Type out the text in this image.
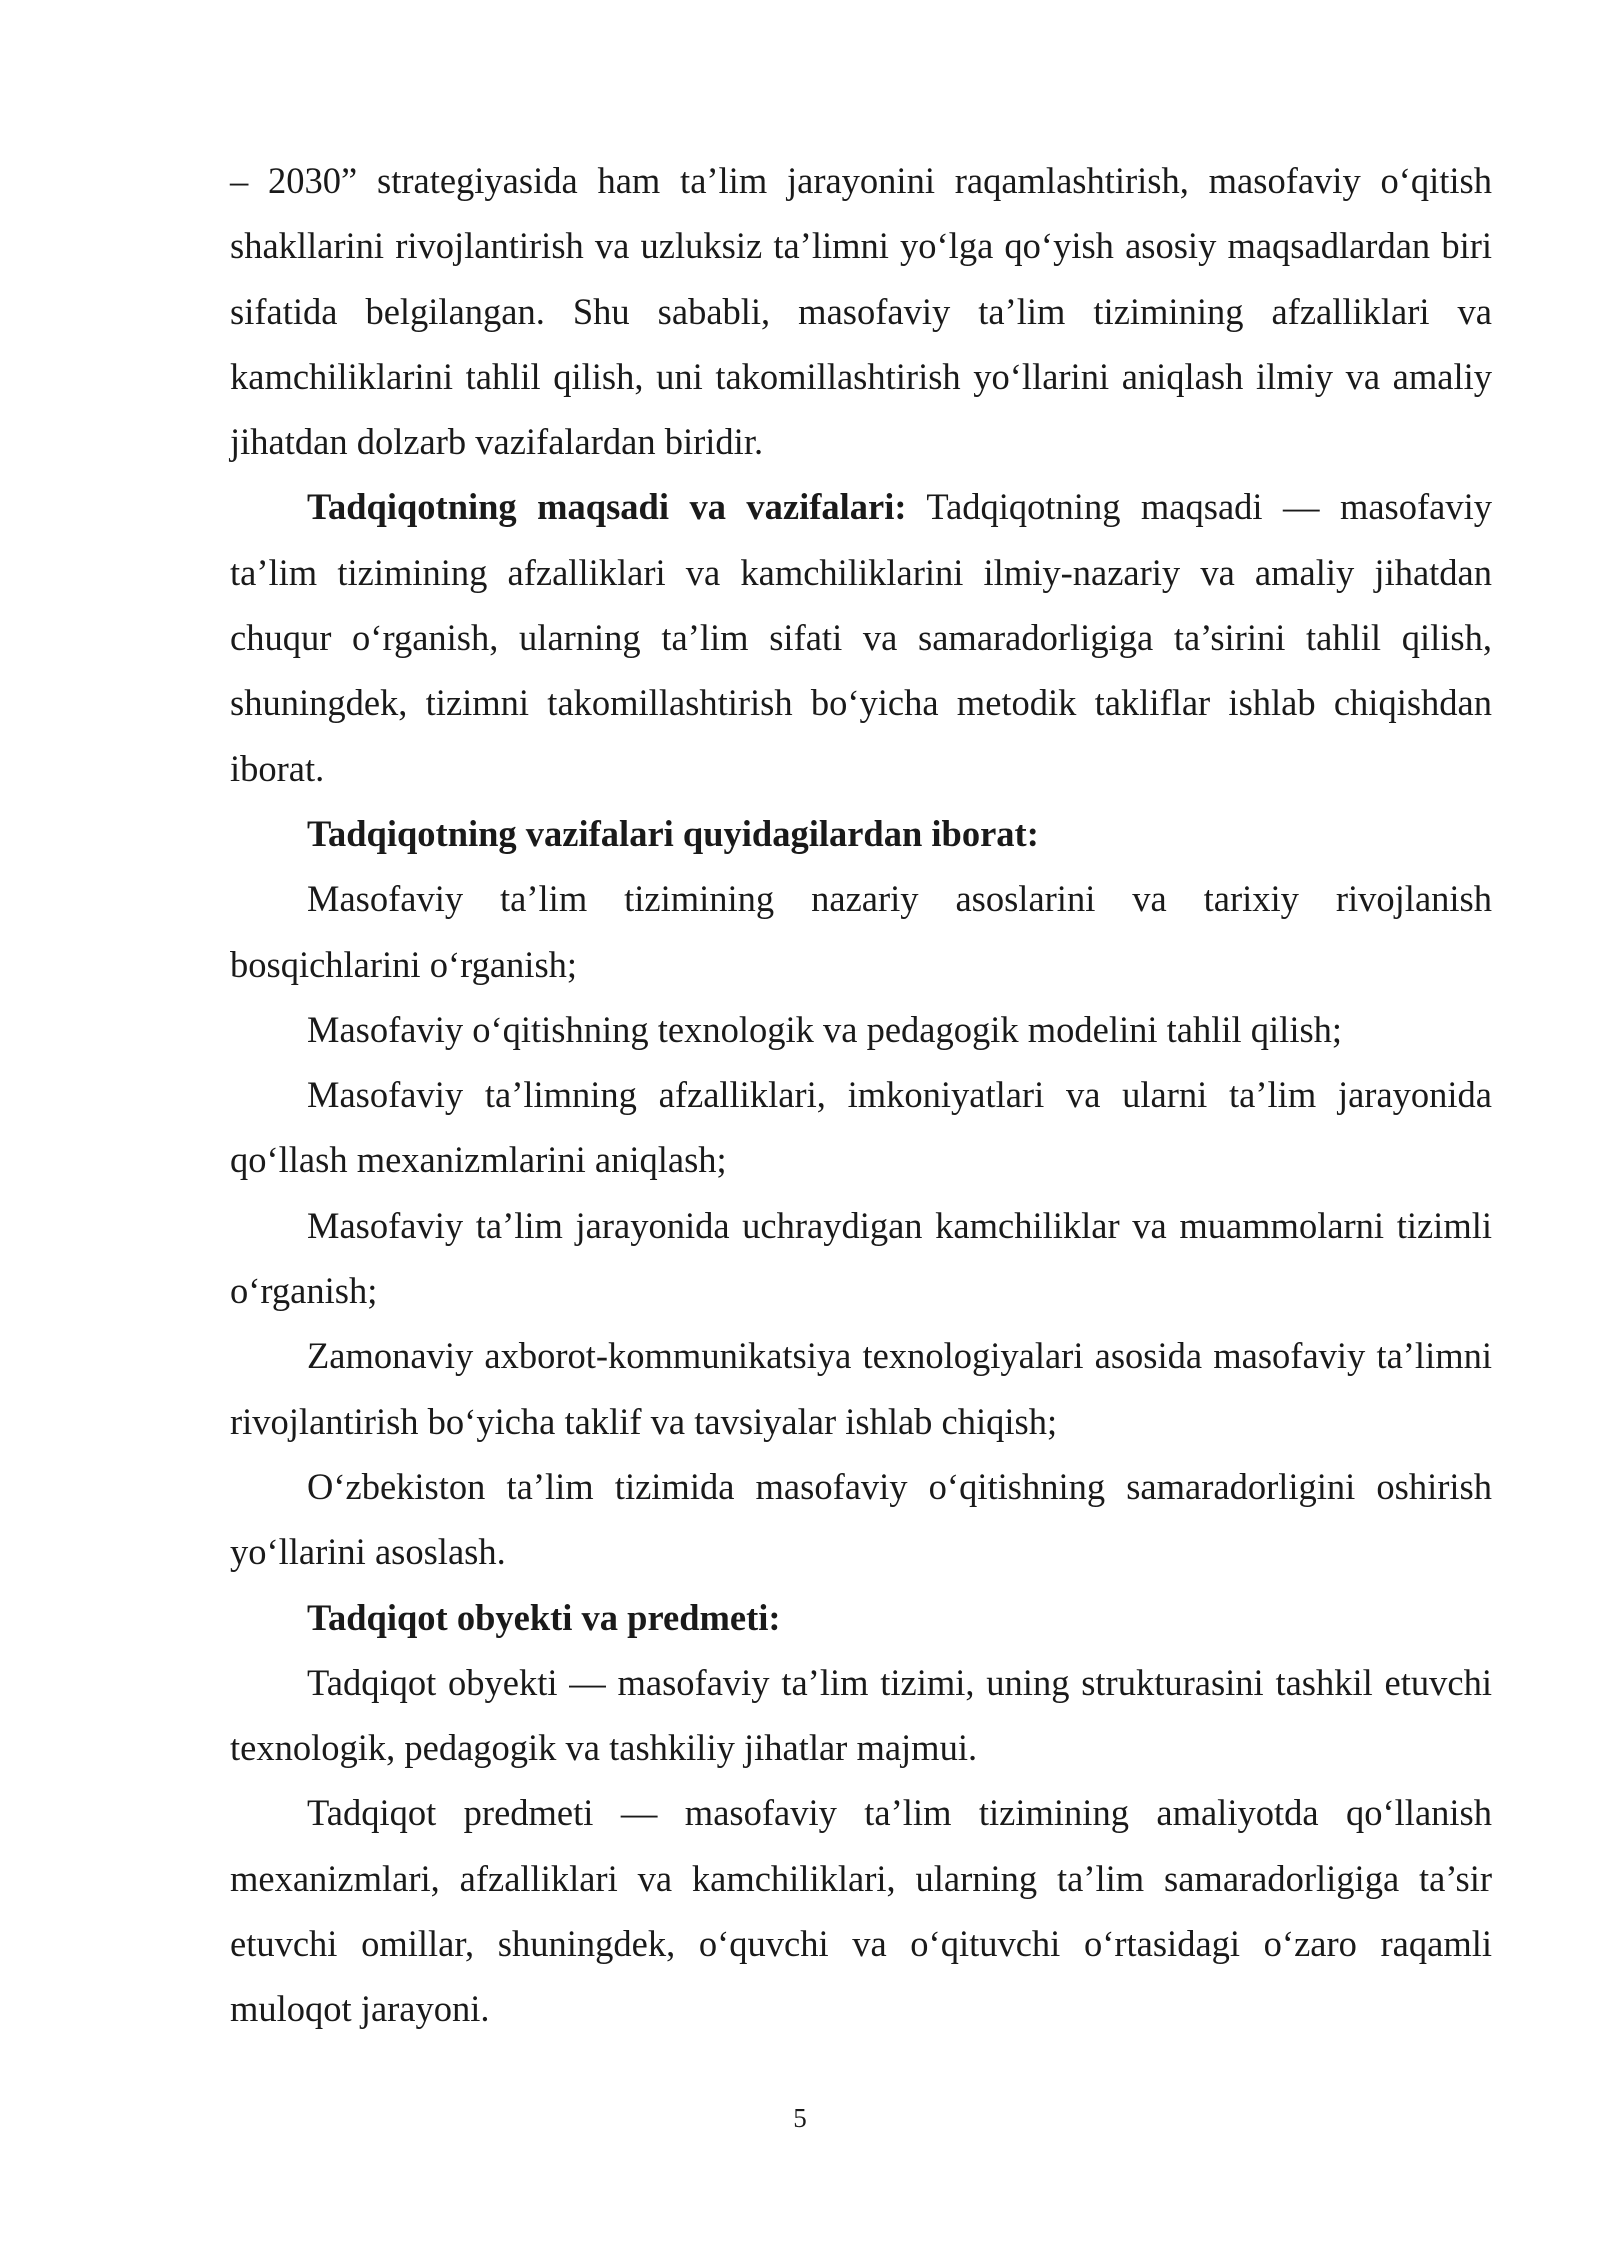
– 2030” strategiyasida ham ta’lim jarayonini raqamlashtirish, masofaviy o‘qitish shakllarini rivojlantirish va uzluksiz ta’limni yo‘lga qo‘yish asosiy maqsadlardan biri sifatida belgilangan. Shu sababli, masofaviy ta’lim tizimining afzalliklari va kamchiliklarini tahlil qilish, uni takomillashtirish yo‘llarini aniqlash ilmiy va amaliy jihatdan dolzarb vazifalardan biridir.

Tadqiqotning maqsadi va vazifalari: Tadqiqotning maqsadi — masofaviy ta’lim tizimining afzalliklari va kamchiliklarini ilmiy-nazariy va amaliy jihatdan chuqur o‘rganish, ularning ta’lim sifati va samaradorligiga ta’sirini tahlil qilish, shuningdek, tizimni takomillashtirish bo‘yicha metodik takliflar ishlab chiqishdan iborat.

Tadqiqotning vazifalari quyidagilardan iborat:

Masofaviy ta’lim tizimining nazariy asoslarini va tarixiy rivojlanish bosqichlarini o‘rganish;

Masofaviy o‘qitishning texnologik va pedagogik modelini tahlil qilish;

Masofaviy ta’limning afzalliklari, imkoniyatlari va ularni ta’lim jarayonida qo‘llash mexanizmlarini aniqlash;

Masofaviy ta’lim jarayonida uchraydigan kamchiliklar va muammolarni tizimli o‘rganish;

Zamonaviy axborot-kommunikatsiya texnologiyalari asosida masofaviy ta’limni rivojlantirish bo‘yicha taklif va tavsiyalar ishlab chiqish;

O‘zbekiston ta’lim tizimida masofaviy o‘qitishning samaradorligini oshirish yo‘llarini asoslash.

Tadqiqot obyekti va predmeti:

Tadqiqot obyekti — masofaviy ta’lim tizimi, uning strukturasini tashkil etuvchi texnologik, pedagogik va tashkiliy jihatlar majmui.

Tadqiqot predmeti — masofaviy ta’lim tizimining amaliyotda qo‘llanish mexanizmlari, afzalliklari va kamchiliklari, ularning ta’lim samaradorligiga ta’sir etuvchi omillar, shuningdek, o‘quvchi va o‘qituvchi o‘rtasidagi o‘zaro raqamli muloqot jarayoni.

5
